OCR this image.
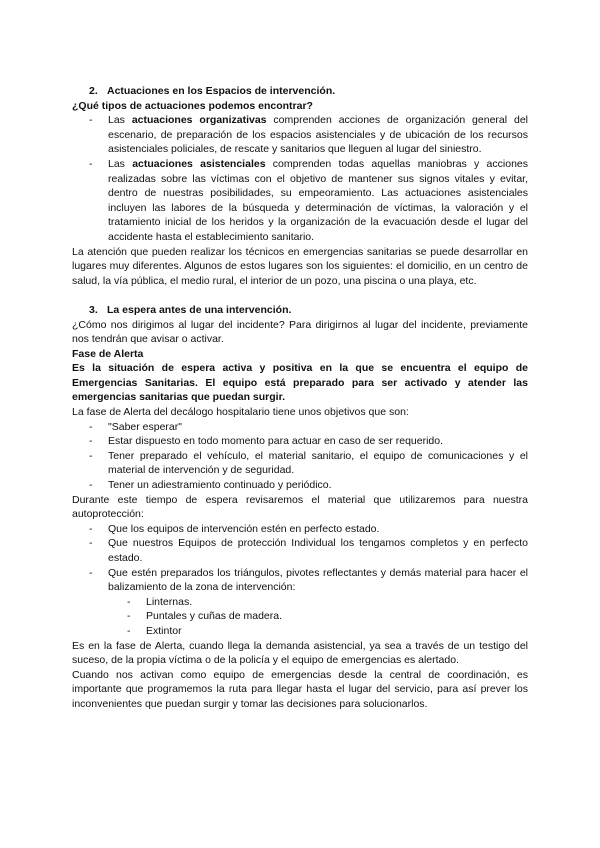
2. Actuaciones en los Espacios de intervención.

¿Qué tipos de actuaciones podemos encontrar?

-	Las actuaciones organizativas comprenden acciones de organización general del escenario, de preparación de los espacios asistenciales y de ubicación de los recursos asistenciales policiales, de rescate y sanitarios que lleguen al lugar del siniestro.
-	Las actuaciones asistenciales comprenden todas aquellas maniobras y acciones realizadas sobre las víctimas con el objetivo de mantener sus signos vitales y evitar, dentro de nuestras posibilidades, su empeoramiento. Las actuaciones asistenciales incluyen las labores de la búsqueda y determinación de víctimas, la valoración y el tratamiento inicial de los heridos y la organización de la evacuación desde el lugar del accidente hasta el establecimiento sanitario.

La atención que pueden realizar los técnicos en emergencias sanitarias se puede desarrollar en lugares muy diferentes. Algunos de estos lugares son los siguientes: el domicilio, en un centro de salud, la vía pública, el medio rural, el interior de un pozo, una piscina o una playa, etc.

3. La espera antes de una intervención.

¿Cómo nos dirigimos al lugar del incidente? Para dirigirnos al lugar del incidente, previamente nos tendrán que avisar o activar.

Fase de Alerta

Es la situación de espera activa y positiva en la que se encuentra el equipo de Emergencias Sanitarias. El equipo está preparado para ser activado y atender las emergencias sanitarias que puedan surgir.

La fase de Alerta del decálogo hospitalario tiene unos objetivos que son:

-	"Saber esperar"
-	Estar dispuesto en todo momento para actuar en caso de ser requerido.
-	Tener preparado el vehículo, el material sanitario, el equipo de comunicaciones y el material de intervención y de seguridad.
-	Tener un adiestramiento continuado y periódico.

Durante este tiempo de espera revisaremos el material que utilizaremos para nuestra autoprotección:

-	Que los equipos de intervención estén en perfecto estado.
-	Que nuestros Equipos de protección Individual los tengamos completos y en perfecto estado.
-	Que estén preparados los triángulos, pivotes reflectantes y demás material para hacer el balizamiento de la zona de intervención:
-	Linternas.
-	Puntales y cuñas de madera.
-	Extintor

Es en la fase de Alerta, cuando llega la demanda asistencial, ya sea a través de un testigo del suceso, de la propia víctima o de la policía y el equipo de emergencias es alertado.

Cuando nos activan como equipo de emergencias desde la central de coordinación, es importante que programemos la ruta para llegar hasta el lugar del servicio, para así prever los inconvenientes que puedan surgir y tomar las decisiones para solucionarlos.
